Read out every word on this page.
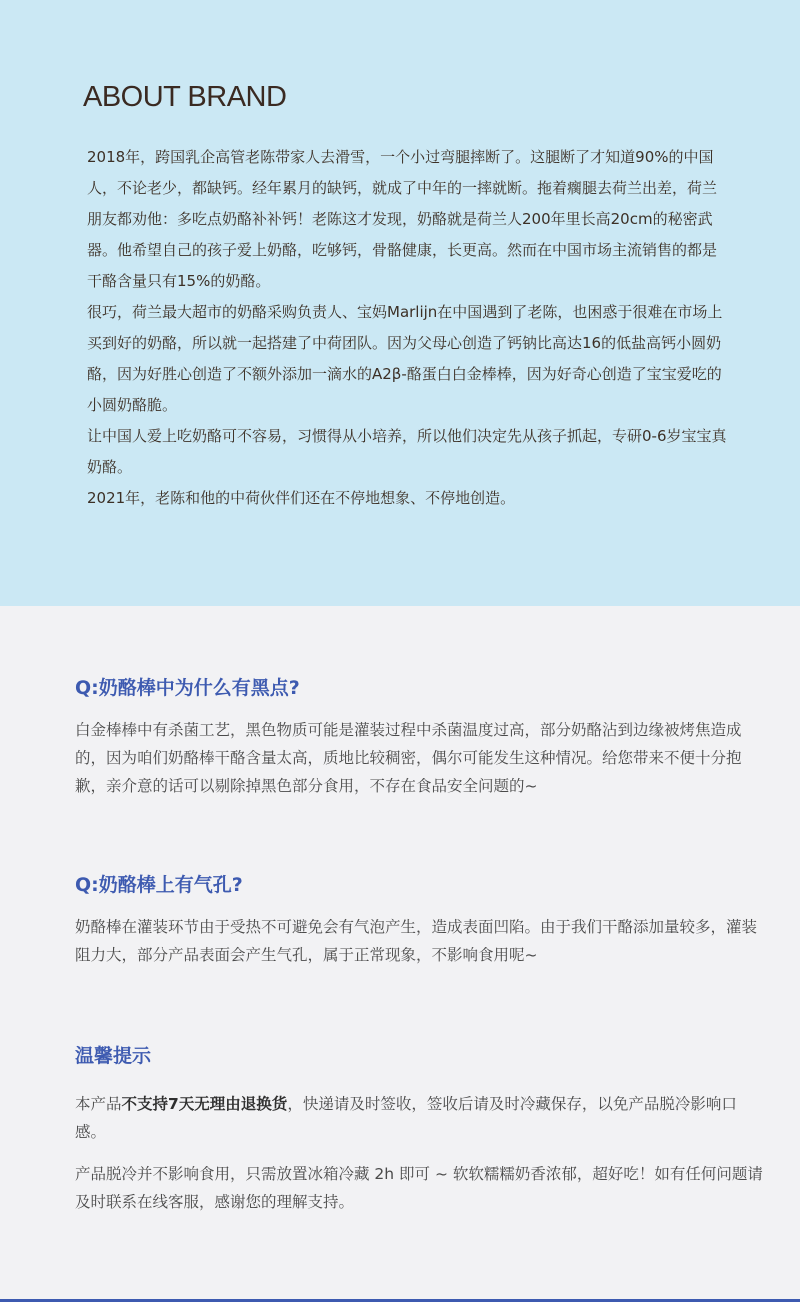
ABOUT BRAND

2018年，跨国乳企高管老陈带家人去滑雪，一个小过弯腿摔断了。这腿断了才知道90%的中国人，不论老少，都缺钙。经年累月的缺钙，就成了中年的一摔就断。拖着瘸腿去荷兰出差，荷兰朋友都劝他：多吃点奶酪补补钙！老陈这才发现，奶酪就是荷兰人200年里长高20cm的秘密武器。他希望自己的孩子爱上奶酪，吃够钙，骨骼健康，长更高。然而在中国市场主流销售的都是干酪含量只有15%的奶酪。

很巧，荷兰最大超市的奶酪采购负责人、宝妈Marlijn在中国遇到了老陈，也困惑于很难在市场上买到好的奶酪，所以就一起搭建了中荷团队。因为父母心创造了钙钠比高达16的低盐高钙小圆奶酪，因为好胜心创造了不额外添加一滴水的A2β-酪蛋白白金棒棒，因为好奇心创造了宝宝爱吃的小圆奶酪脆。

让中国人爱上吃奶酪可不容易，习惯得从小培养，所以他们决定先从孩子抓起，专研0-6岁宝宝真奶酪。

2021年，老陈和他的中荷伙伴们还在不停地想象、不停地创造。

Q:奶酪棒中为什么有黑点?

白金棒棒中有杀菌工艺，黑色物质可能是灌装过程中杀菌温度过高，部分奶酪沾到边缘被烤焦造成的，因为咱们奶酪棒干酪含量太高，质地比较稠密，偶尔可能发生这种情况。给您带来不便十分抱歉，亲介意的话可以剔除掉黑色部分食用，不存在食品安全问题的~

Q:奶酪棒上有气孔?

奶酪棒在灌装环节由于受热不可避免会有气泡产生，造成表面凹陷。由于我们干酪添加量较多，灌装阻力大，部分产品表面会产生气孔，属于正常现象，不影响食用呢~

温馨提示

本产品不支持7天无理由退换货，快递请及时签收，签收后请及时冷藏保存，以免产品脱冷影响口感。

产品脱冷并不影响食用，只需放置冰箱冷藏 2h 即可 ~ 软软糯糯奶香浓郁，超好吃！如有任何问题请及时联系在线客服，感谢您的理解支持。
